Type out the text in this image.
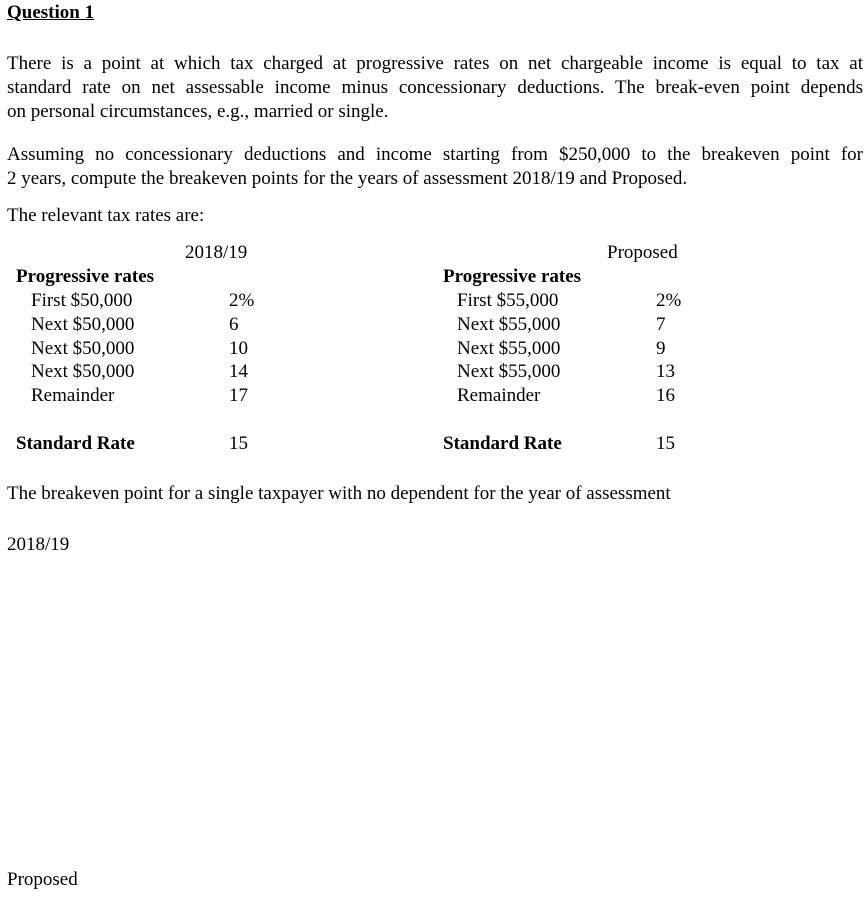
Question 1
There is a point at which tax charged at progressive rates on net chargeable income is equal to tax at
standard rate on net assessable income minus concessionary deductions. The break-even point depends
on personal circumstances, e.g., married or single.
Assuming no concessionary deductions and income starting from $250,000 to the breakeven point for
2 years, compute the breakeven points for the years of assessment 2018/19 and Proposed.
The relevant tax rates are:
2018/19
Progressive rates
First $50,000	2%
Next $50,000	6
Next $50,000	10
Next $50,000	14
Remainder	17
Standard Rate	15
Proposed
Progressive rates
First $55,000	2%
Next $55,000	7
Next $55,000	9
Next $55,000	13
Remainder	16
Standard Rate	15
The breakeven point for a single taxpayer with no dependent for the year of assessment
2018/19
Proposed
